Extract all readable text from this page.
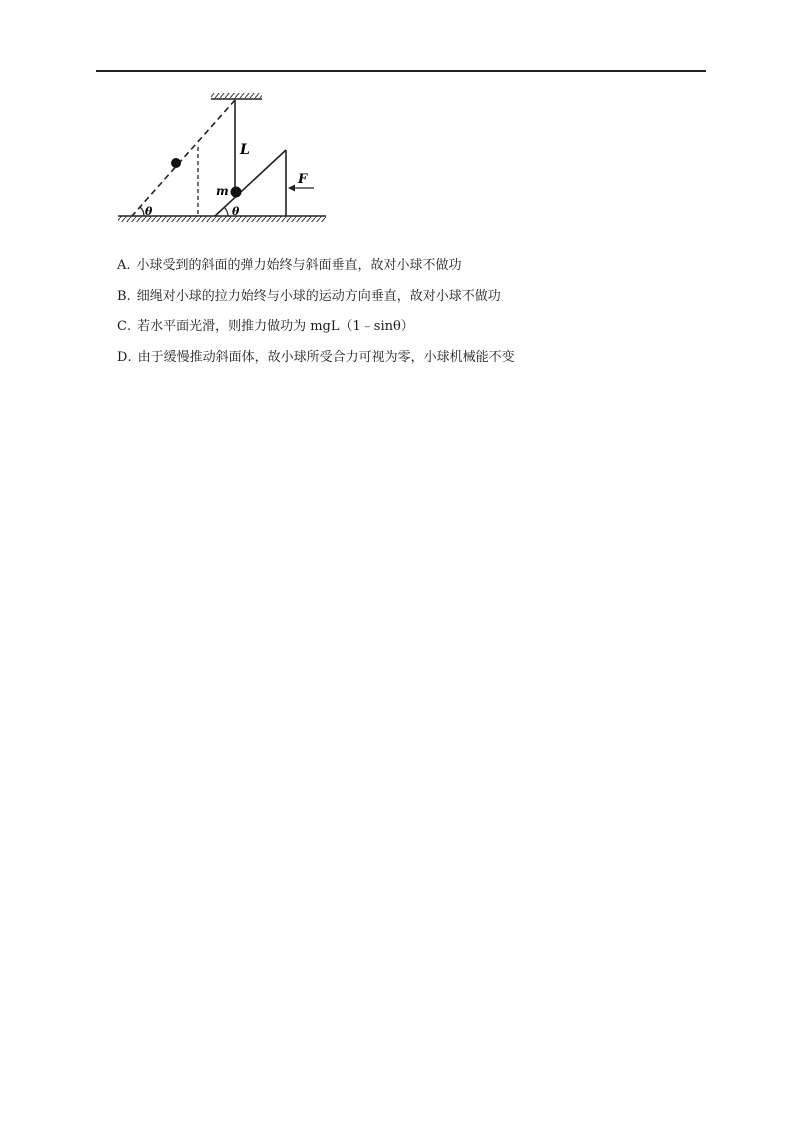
L
m
F
θ	θ
A . 小球受到的斜面的弹力始终与斜面垂直，故对小球不做功
B . 细绳对小球的拉力始终与小球的运动方向垂直，故对小球不做功
C . 若水平面光滑，则推力做功为 mgL（1﹣sinθ）
D . 由于缓慢推动斜面体，故小球所受合力可视为零，小球机械能不变
